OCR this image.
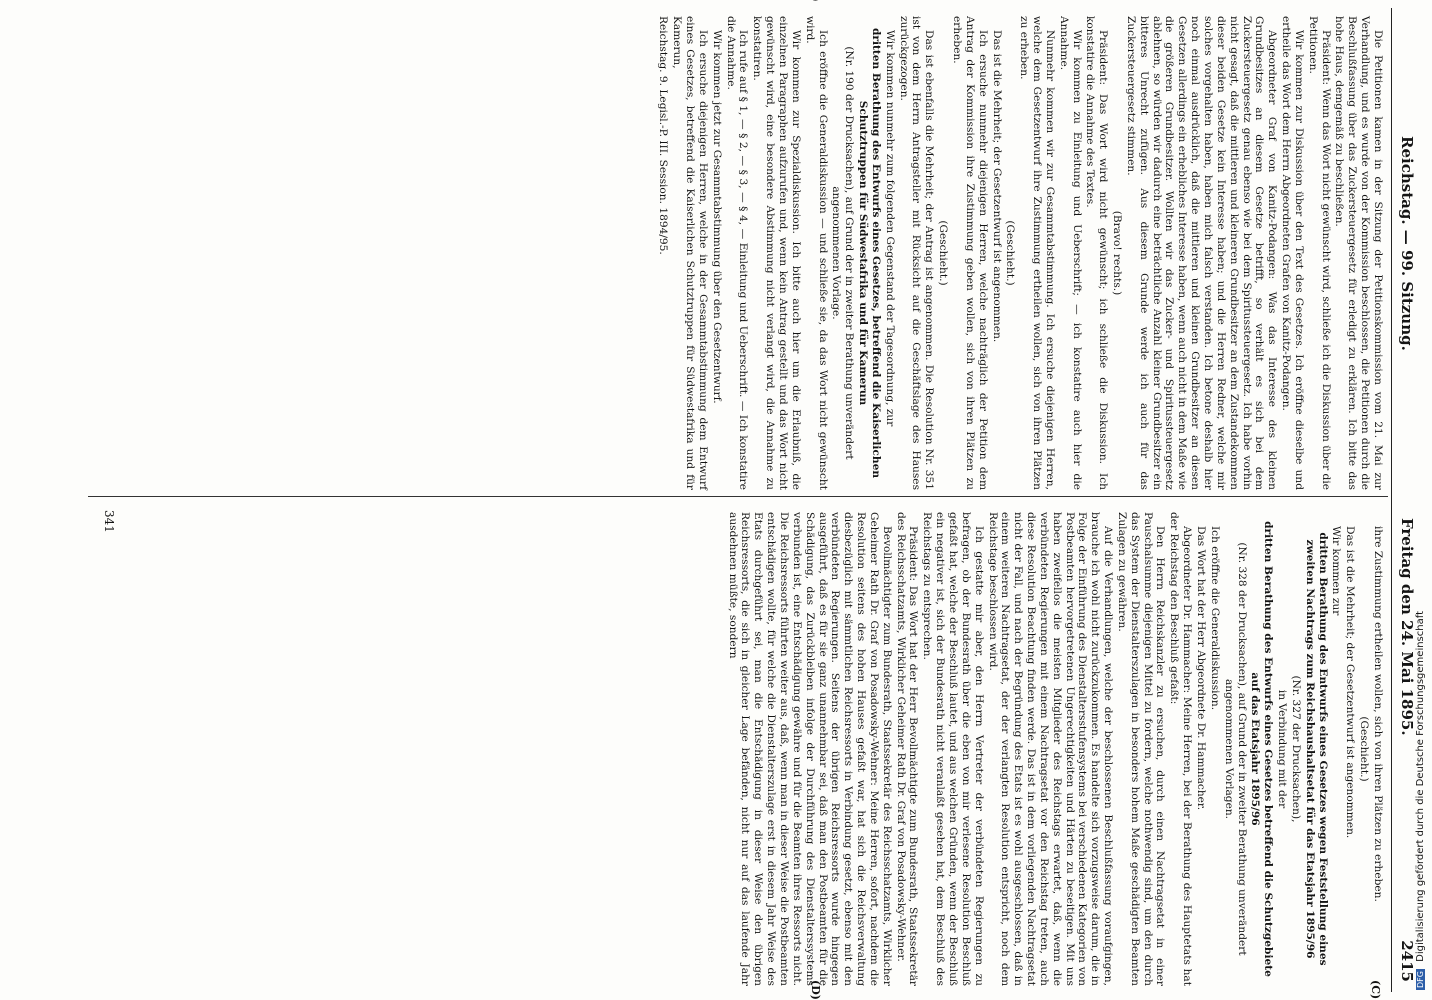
Reichstag. — 99. Sitzung.
Freitag den 24. Mai 1895.
2415
(C)
(D)

Die Petitionen kamen in der Sitzung der Petitionskommission vom 21. Mai zur Verhandlung, und es wurde von der Kommission beschlossen, die Petitionen durch die Beschlußfassung über das Zuckersteuergesetz für erledigt zu erklären. Ich bitte das hohe Haus, demgemäß zu beschließen.

Präsident: Wenn das Wort nicht gewünscht wird, schließe ich die Diskussion über die Petitionen.

Wir kommen zur Diskussion über den Text des Gesetzes. Ich eröffne dieselbe und ertheile das Wort dem Herrn Abgeordneten Grafen von Kanitz-Podangen.

Abgeordneter Graf von Kanitz-Podangen: Was das Interesse des kleinen Grundbesitzes an diesem Gesetze betrifft, so verhält es sich bei dem Zuckersteuergesetz genau ebenso wie bei dem Spiritussteuergesetz. Ich habe vorhin nicht gesagt, daß die mittleren und kleineren Grundbesitzer an dem Zustandekommen dieser beiden Gesetze kein Interesse haben; und die Herren Redner, welche mir solches vorgehalten haben, haben mich falsch verstanden. Ich betone deshalb hier noch einmal ausdrücklich, daß die mittleren und kleinen Grundbesitzer an diesen Gesetzen allerdings ein erhebliches Interesse haben, wenn auch nicht in dem Maße wie die größeren Grundbesitzer. Wollten wir das Zucker- und Spiritussteuergesetz ablehnen, so würden wir dadurch eine beträchtliche Anzahl kleiner Grundbesitzer ein bitteres Unrecht zufügen. Aus diesem Grunde werde ich auch für das Zuckersteuergesetz stimmen.

(Bravo! rechts.)

Präsident: Das Wort wird nicht gewünscht; ich schließe die Diskussion. Ich konstatire die Annahme des Textes.

Wir kommen zu Einleitung und Ueberschrift; — ich konstatire auch hier die Annahme.

Nunmehr kommen wir zur Gesammtabstimmung. Ich ersuche diejenigen Herren, welche dem Gesetzentwurf ihre Zustimmung ertheilen wollen, sich von ihren Plätzen zu erheben.

(Geschieht.)

Das ist die Mehrheit; der Gesetzentwurf ist angenommen.

Ich ersuche nunmehr diejenigen Herren, welche nachträglich der Petition dem Antrag der Kommission ihre Zustimmung geben wollen, sich von ihren Plätzen zu erheben.

(Geschieht.)

Das ist ebenfalls die Mehrheit; der Antrag ist angenommen. Die Resolution Nr. 351 ist von dem Herrn Antragsteller mit Rücksicht auf die Geschäftslage des Hauses zurückgezogen.

Wir kommen nunmehr zum folgenden Gegenstand der Tagesordnung, zur

dritten Berathung des Entwurfs eines Gesetzes, betreffend die Kaiserlichen Schutztruppen für Südwestafrika und für Kamerun

(Nr. 190 der Drucksachen), auf Grund der in zweiter Berathung unverändert angenommenen Vorlage.

Ich eröffne die Generaldiskussion — und schließe sie, da das Wort nicht gewünscht wird.

Wir kommen zur Spezialdiskussion. Ich bitte auch hier um die Erlaubniß, die einzelnen Paragraphen aufzurufen und, wenn kein Antrag gestellt und das Wort nicht gewünscht wird, eine besondere Abstimmung nicht verlangt wird, die Annahme zu konstatiren.

Ich rufe auf § 1, — § 2, — § 3, — § 4, — Einleitung und Ueberschrift. — Ich konstatire die Annahme.

Wir kommen jetzt zur Gesammtabstimmung über den Gesetzentwurf.

Ich ersuche diejenigen Herren, welche in der Gesammtabstimmung dem Entwurf eines Gesetzes, betreffend die Kaiserlichen Schutztruppen für Südwestafrika und für Kamerun,

Reichstag. 9. Legisl.-P. III. Session. 1894/95.

ihre Zustimmung ertheilen wollen, sich von ihren Plätzen zu erheben.

(Geschieht.)

Das ist die Mehrheit; der Gesetzentwurf ist angenommen.

Wir kommen zur

dritten Berathung des Entwurfs eines Gesetzes wegen Feststellung eines zweiten Nachtrags zum Reichshaushaltsetat für das Etatsjahr 1895/96

(Nr. 327 der Drucksachen),

in Verbindung mit der

dritten Berathung des Entwurfs eines Gesetzes betreffend die Schutzgebiete auf das Etatsjahr 1895/96

(Nr. 328 der Drucksachen), auf Grund der in zweiter Berathung unverändert angenommenen Vorlagen.

Ich eröffne die Generaldiskussion.

Das Wort hat der Herr Abgeordnete Dr. Hammacher.

Abgeordneter Dr. Hammacher: Meine Herren, bei der Berathung des Hauptetats hat der Reichstag den Beschluß gefaßt:

Den Herrn Reichskanzler zu ersuchen, durch einen Nachtragsetat in einer Pauschalsumme diejenigen Mittel zu fordern, welche nothwendig sind, um den durch das System der Dienstalterszulagen in besonders hohem Maße geschädigten Beamten Zulagen zu gewähren.

Auf die Verhandlungen, welche der beschlossenen Beschlußfassung voraufgingen, brauche ich wohl nicht zurückzukommen. Es handelte sich vorzugsweise darum, die in Folge der Einführung des Dienstaltersstufensystems bei verschiedenen Kategorien von Postbeamten hervorgetretenen Ungerechtigkeiten und Härten zu beseitigen. Mit uns haben zweifellos die meisten Mitglieder des Reichstags erwartet, daß, wenn die verbündeten Regierungen mit einem Nachtragsetat vor den Reichstag treten, auch diese Resolution Beachtung finden werde. Das ist in dem vorliegenden Nachtragsetat nicht der Fall, und nach der Begründung des Etats ist es wohl ausgeschlossen, daß in einem weiteren Nachtragsetat, der der verlangten Resolution entspricht, noch dem Reichstage beschlossen wird.

Ich gestatte mir aber, den Herrn Vertreter der verbündeten Regierungen zu befragen, ob der Bundesrath über die eben von mir verlesene Resolution Beschluß gefaßt hat, welche der Beschluß lautet, und aus welchen Gründen, wenn der Beschluß ein negativer ist, sich der Bundesrath nicht veranlaßt gesehen hat, dem Beschluß des Reichstags zu entsprechen.

Präsident: Das Wort hat der Herr Bevollmächtigte zum Bundesrath, Staatssekretär des Reichsschatzamts, Wirklicher Geheimer Rath Dr. Graf von Posadowsky-Wehner.

Bevollmächtigter zum Bundesrath, Staatssekretär des Reichsschatzamts, Wirklicher Geheimer Rath Dr. Graf von Posadowsky-Wehner: Meine Herren, sofort, nachdem die Resolution seitens des hohen Hauses gefaßt war, hat sich die Reichsverwaltung diesbezüglich mit sämmtlichen Reichsressorts in Verbindung gesetzt, ebenso mit den verbündeten Regierungen. Seitens der übrigen Reichsressorts wurde hingegen ausgeführt, daß es für sie ganz unannehmbar sei, daß man den Postbeamten für die Schädigung, das Zurückbleiben infolge der Durchführung des Dienstalterssystems verbunden ist, eine Entschädigung gewähre und für die Beamten ihres Ressorts nicht. Die Reichsressorts führten weiter aus, daß, wenn man in dieser Weise die Postbeamten entschädigen wollte, für welche die Dienstalterszulage erst in diesem Jahr Weise des Etats durchgeführt sei, man die Entschädigung in dieser Weise den übrigen Reichsressorts, die sich in gleicher Lage befänden, nicht nur auf das laufende Jahr ausdehnen müßte, sondern

341
DFG Digitalisierung gefördert durch die Deutsche Forschungsgemeinschaft
